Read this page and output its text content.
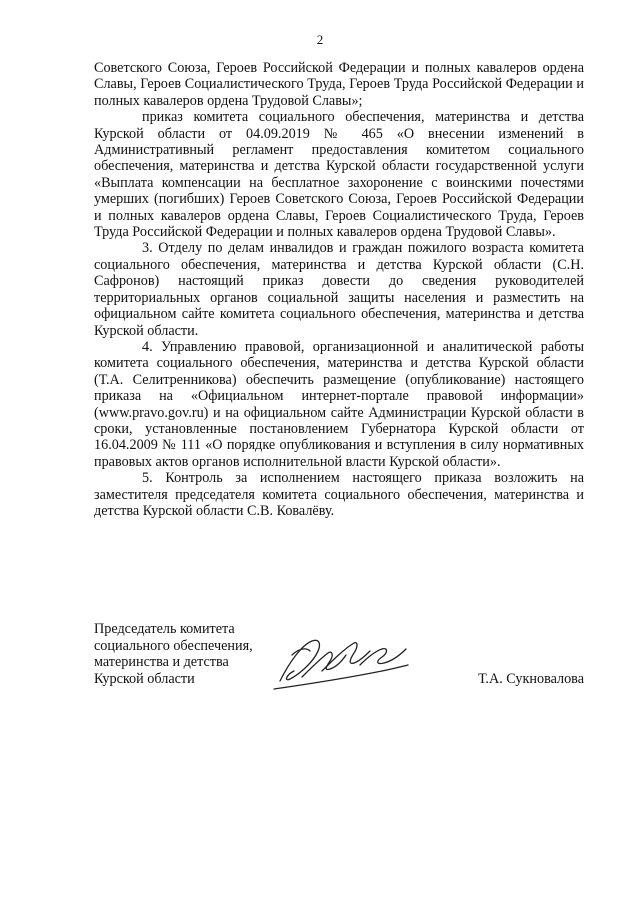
2

Советского Союза, Героев Российской Федерации и полных кавалеров ордена Славы, Героев Социалистического Труда, Героев Труда Российской Федерации и полных кавалеров ордена Трудовой Славы»;

приказ комитета социального обеспечения, материнства и детства Курской области от 04.09.2019 № 465 «О внесении изменений в Административный регламент предоставления комитетом социального обеспечения, материнства и детства Курской области государственной услуги «Выплата компенсации на бесплатное захоронение с воинскими почестями умерших (погибших) Героев Советского Союза, Героев Российской Федерации и полных кавалеров ордена Славы, Героев Социалистического Труда, Героев Труда Российской Федерации и полных кавалеров ордена Трудовой Славы».

3. Отделу по делам инвалидов и граждан пожилого возраста комитета социального обеспечения, материнства и детства Курской области (С.Н. Сафронов) настоящий приказ довести до сведения руководителей территориальных органов социальной защиты населения и разместить на официальном сайте комитета социального обеспечения, материнства и детства Курской области.

4. Управлению правовой, организационной и аналитической работы комитета социального обеспечения, материнства и детства Курской области (Т.А. Селитренникова) обеспечить размещение (опубликование) настоящего приказа на «Официальном интернет-портале правовой информации» (www.pravo.gov.ru) и на официальном сайте Администрации Курской области в сроки, установленные постановлением Губернатора Курской области от 16.04.2009 № 111 «О порядке опубликования и вступления в силу нормативных правовых актов органов исполнительной власти Курской области».

5. Контроль за исполнением настоящего приказа возложить на заместителя председателя комитета социального обеспечения, материнства и детства Курской области С.В. Ковалёву.

Председатель комитета
социального обеспечения,
материнства и детства
Курской области	Т.А. Сукновалова
